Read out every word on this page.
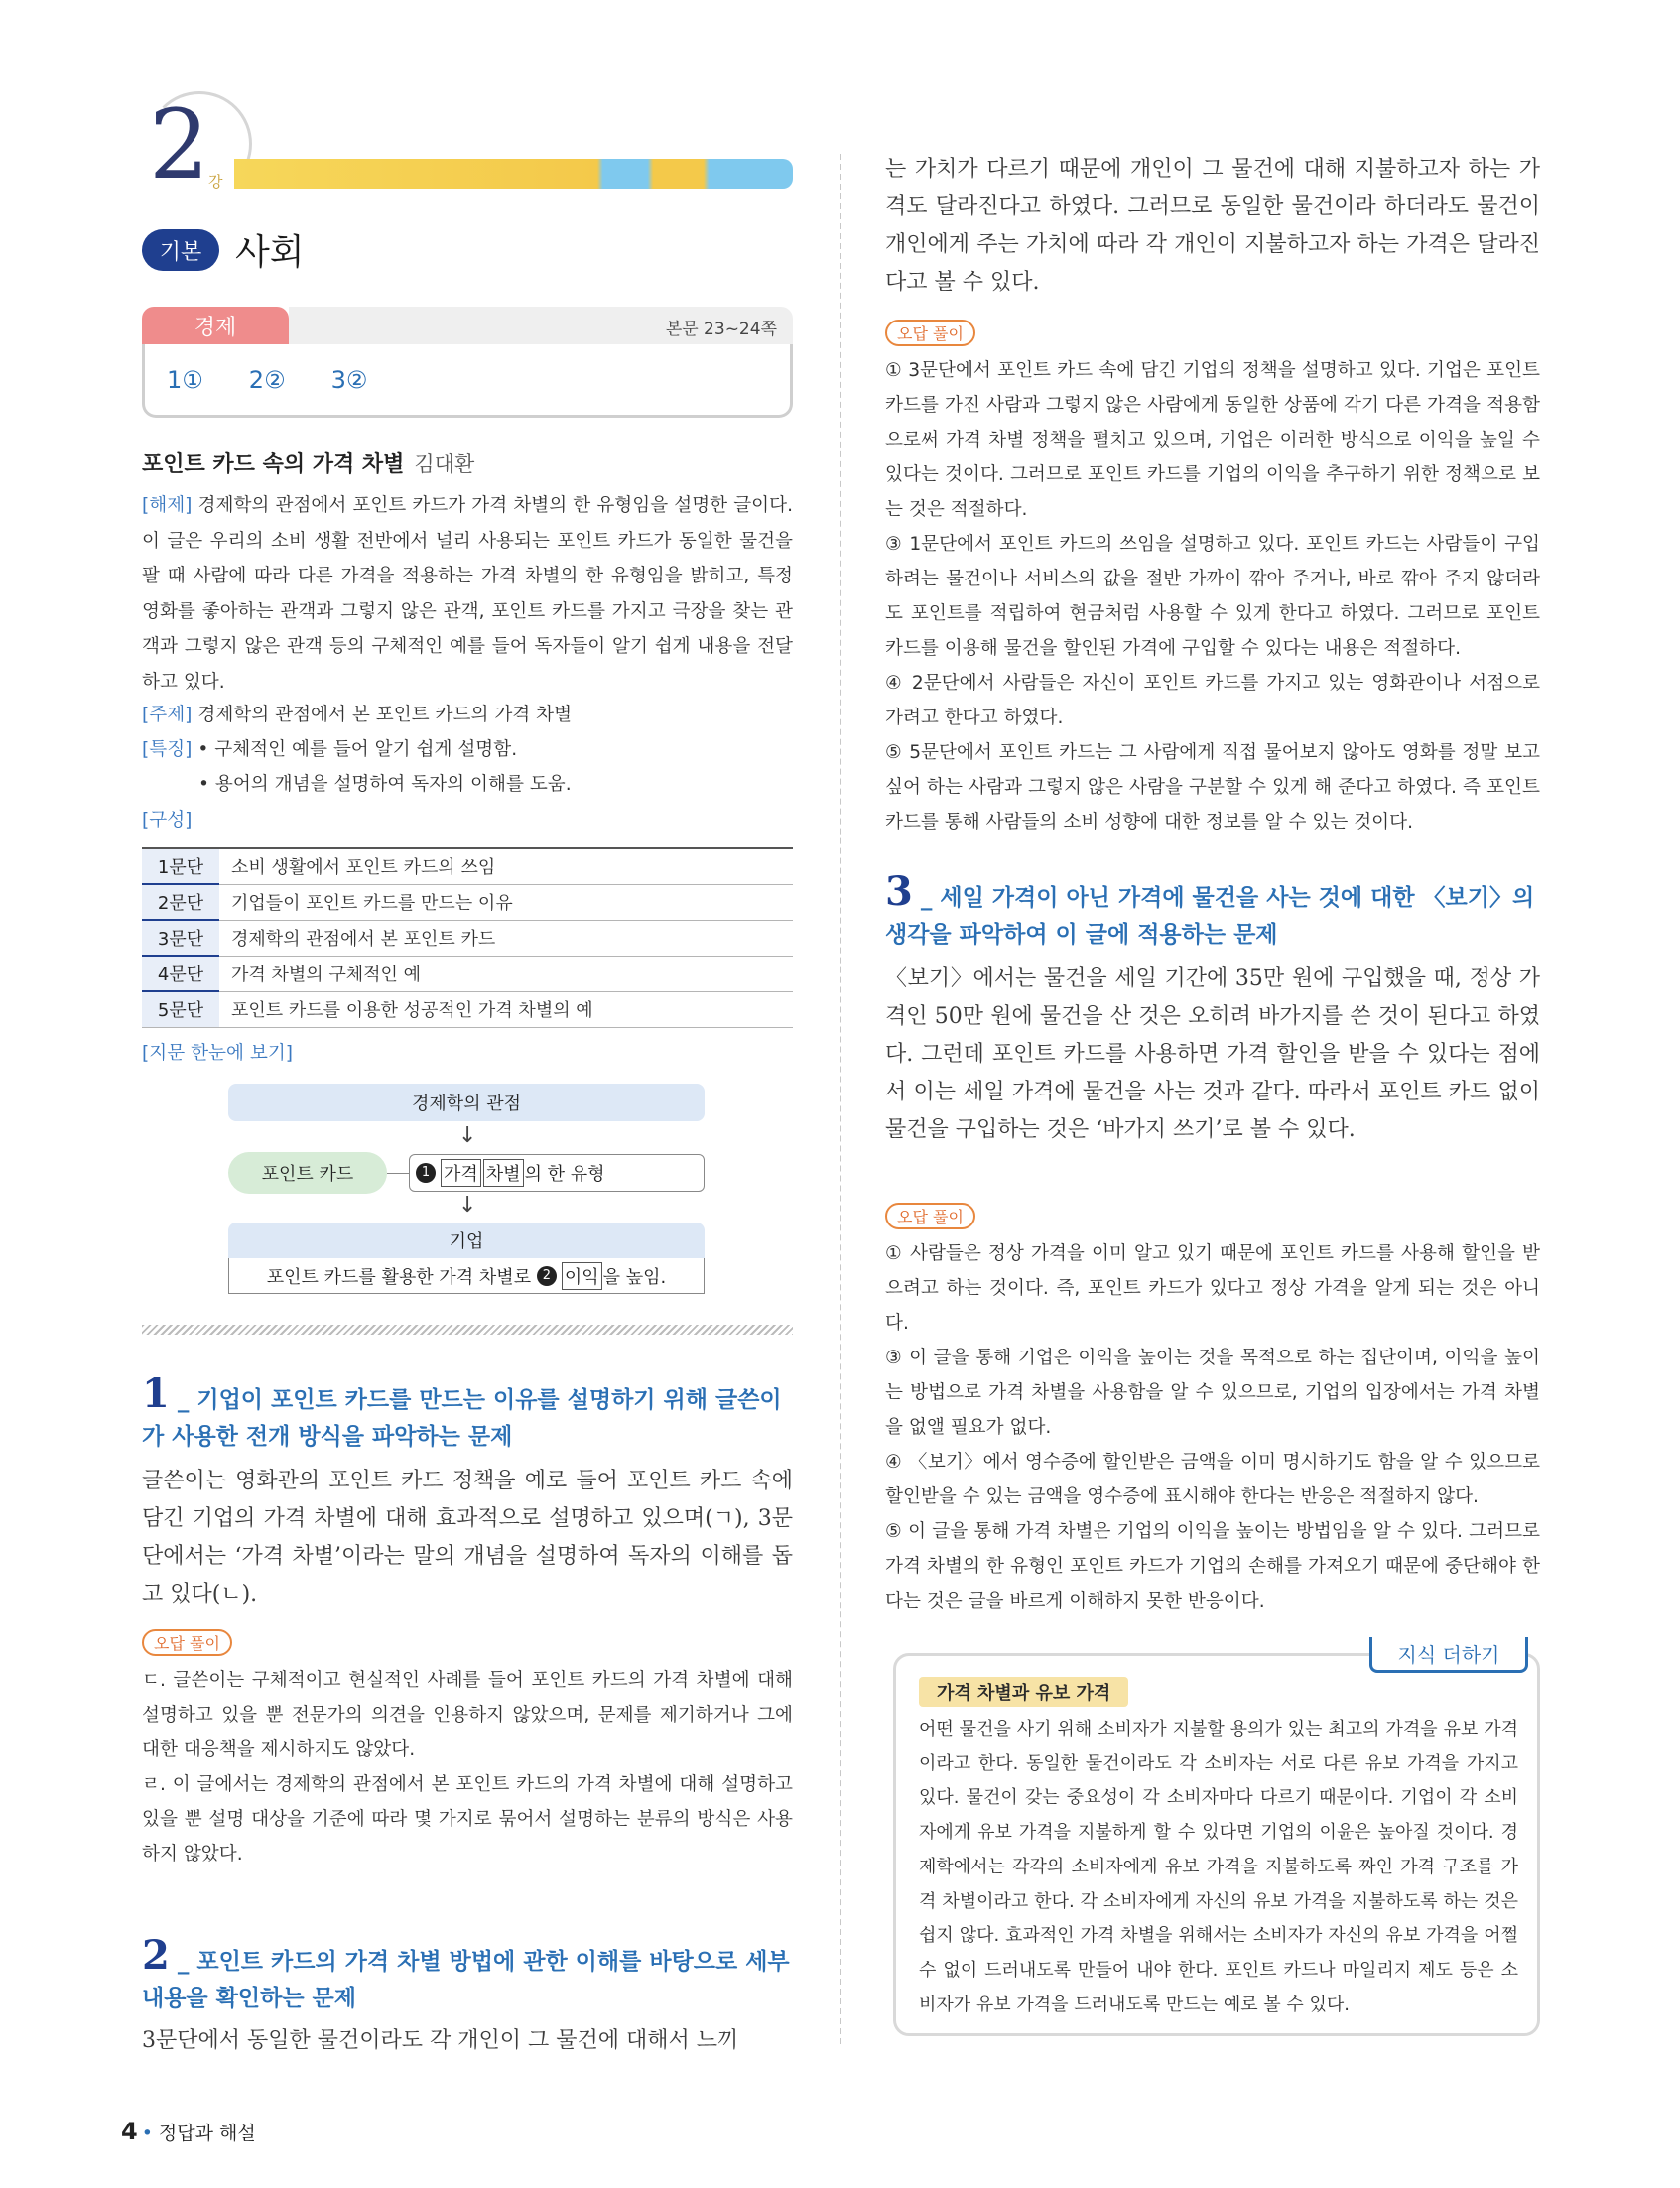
2
강
기본 사회
경제	본문 23~24쪽
1① 2② 3②
포인트 카드 속의 가격 차별 김대환
[해제] 경제학의 관점에서 포인트 카드가 가격 차별의 한 유형임을 설명한 글이다. 이 글은 우리의 소비 생활 전반에서 널리 사용되는 포인트 카드가 동일한 물건을 팔 때 사람에 따라 다른 가격을 적용하는 가격 차별의 한 유형임을 밝히고, 특정 영화를 좋아하는 관객과 그렇지 않은 관객, 포인트 카드를 가지고 극장을 찾는 관객과 그렇지 않은 관객 등의 구체적인 예를 들어 독자들이 알기 쉽게 내용을 전달하고 있다.
[주제] 경제학의 관점에서 본 포인트 카드의 가격 차별
[특징] • 구체적인 예를 들어 알기 쉽게 설명함.
• 용어의 개념을 설명하여 독자의 이해를 도움.
[구성]
1문단	소비 생활에서 포인트 카드의 쓰임
2문단	기업들이 포인트 카드를 만드는 이유
3문단	경제학의 관점에서 본 포인트 카드
4문단	가격 차별의 구체적인 예
5문단	포인트 카드를 이용한 성공적인 가격 차별의 예
[지문 한눈에 보기]
경제학의 관점
↓
포인트 카드	1 가격 차별 의 한 유형
↓
기업
포인트 카드를 활용한 가격 차별로
2 이익 을 높임.
1 _ 기업이 포인트 카드를 만드는 이유를 설명하기 위해 글쓴이가 사용한 전개 방식을 파악하는 문제
글쓴이는 영화관의 포인트 카드 정책을 예로 들어 포인트 카드 속에 담긴 기업의 가격 차별에 대해 효과적으로 설명하고 있으며(ㄱ), 3문단에서는 ‘가격 차별’이라는 말의 개념을 설명하여 독자의 이해를 돕고 있다(ㄴ).
오답 풀이
ㄷ. 글쓴이는 구체적이고 현실적인 사례를 들어 포인트 카드의 가격 차별에 대해 설명하고 있을 뿐 전문가의 의견을 인용하지 않았으며, 문제를 제기하거나 그에 대한 대응책을 제시하지도 않았다.
ㄹ. 이 글에서는 경제학의 관점에서 본 포인트 카드의 가격 차별에 대해 설명하고 있을 뿐 설명 대상을 기준에 따라 몇 가지로 묶어서 설명하는 분류의 방식은 사용하지 않았다.
2 _ 포인트 카드의 가격 차별 방법에 관한 이해를 바탕으로 세부 내용을 확인하는 문제
3문단에서 동일한 물건이라도 각 개인이 그 물건에 대해서 느끼
는 가치가 다르기 때문에 개인이 그 물건에 대해 지불하고자 하는 가격도 달라진다고 하였다. 그러므로 동일한 물건이라 하더라도 물건이 개인에게 주는 가치에 따라 각 개인이 지불하고자 하는 가격은 달라진다고 볼 수 있다.
오답 풀이
① 3문단에서 포인트 카드 속에 담긴 기업의 정책을 설명하고 있다. 기업은 포인트 카드를 가진 사람과 그렇지 않은 사람에게 동일한 상품에 각기 다른 가격을 적용함으로써 가격 차별 정책을 펼치고 있으며, 기업은 이러한 방식으로 이익을 높일 수 있다는 것이다. 그러므로 포인트 카드를 기업의 이익을 추구하기 위한 정책으로 보는 것은 적절하다.
③ 1문단에서 포인트 카드의 쓰임을 설명하고 있다. 포인트 카드는 사람들이 구입하려는 물건이나 서비스의 값을 절반 가까이 깎아 주거나, 바로 깎아 주지 않더라도 포인트를 적립하여 현금처럼 사용할 수 있게 한다고 하였다. 그러므로 포인트 카드를 이용해 물건을 할인된 가격에 구입할 수 있다는 내용은 적절하다.
④ 2문단에서 사람들은 자신이 포인트 카드를 가지고 있는 영화관이나 서점으로 가려고 한다고 하였다.
⑤ 5문단에서 포인트 카드는 그 사람에게 직접 물어보지 않아도 영화를 정말 보고 싶어 하는 사람과 그렇지 않은 사람을 구분할 수 있게 해 준다고 하였다. 즉 포인트 카드를 통해 사람들의 소비 성향에 대한 정보를 알 수 있는 것이다.
3 _ 세일 가격이 아닌 가격에 물건을 사는 것에 대한 〈보기〉의 생각을 파악하여 이 글에 적용하는 문제
〈보기〉에서는 물건을 세일 기간에 35만 원에 구입했을 때, 정상 가격인 50만 원에 물건을 산 것은 오히려 바가지를 쓴 것이 된다고 하였다. 그런데 포인트 카드를 사용하면 가격 할인을 받을 수 있다는 점에서 이는 세일 가격에 물건을 사는 것과 같다. 따라서 포인트 카드 없이 물건을 구입하는 것은 ‘바가지 쓰기’로 볼 수 있다.
오답 풀이
① 사람들은 정상 가격을 이미 알고 있기 때문에 포인트 카드를 사용해 할인을 받으려고 하는 것이다. 즉, 포인트 카드가 있다고 정상 가격을 알게 되는 것은 아니다.
③ 이 글을 통해 기업은 이익을 높이는 것을 목적으로 하는 집단이며, 이익을 높이는 방법으로 가격 차별을 사용함을 알 수 있으므로, 기업의 입장에서는 가격 차별을 없앨 필요가 없다.
④ 〈보기〉에서 영수증에 할인받은 금액을 이미 명시하기도 함을 알 수 있으므로 할인받을 수 있는 금액을 영수증에 표시해야 한다는 반응은 적절하지 않다.
⑤ 이 글을 통해 가격 차별은 기업의 이익을 높이는 방법임을 알 수 있다. 그러므로 가격 차별의 한 유형인 포인트 카드가 기업의 손해를 가져오기 때문에 중단해야 한다는 것은 글을 바르게 이해하지 못한 반응이다.
지식 더하기
가격 차별과 유보 가격
어떤 물건을 사기 위해 소비자가 지불할 용의가 있는 최고의 가격을 유보 가격이라고 한다. 동일한 물건이라도 각 소비자는 서로 다른 유보 가격을 가지고 있다. 물건이 갖는 중요성이 각 소비자마다 다르기 때문이다. 기업이 각 소비자에게 유보 가격을 지불하게 할 수 있다면 기업의 이윤은 높아질 것이다. 경제학에서는 각각의 소비자에게 유보 가격을 지불하도록 짜인 가격 구조를 가격 차별이라고 한다. 각 소비자에게 자신의 유보 가격을 지불하도록 하는 것은 쉽지 않다. 효과적인 가격 차별을 위해서는 소비자가 자신의 유보 가격을 어쩔 수 없이 드러내도록 만들어 내야 한다. 포인트 카드나 마일리지 제도 등은 소비자가 유보 가격을 드러내도록 만드는 예로 볼 수 있다.
4 • 정답과 해설
